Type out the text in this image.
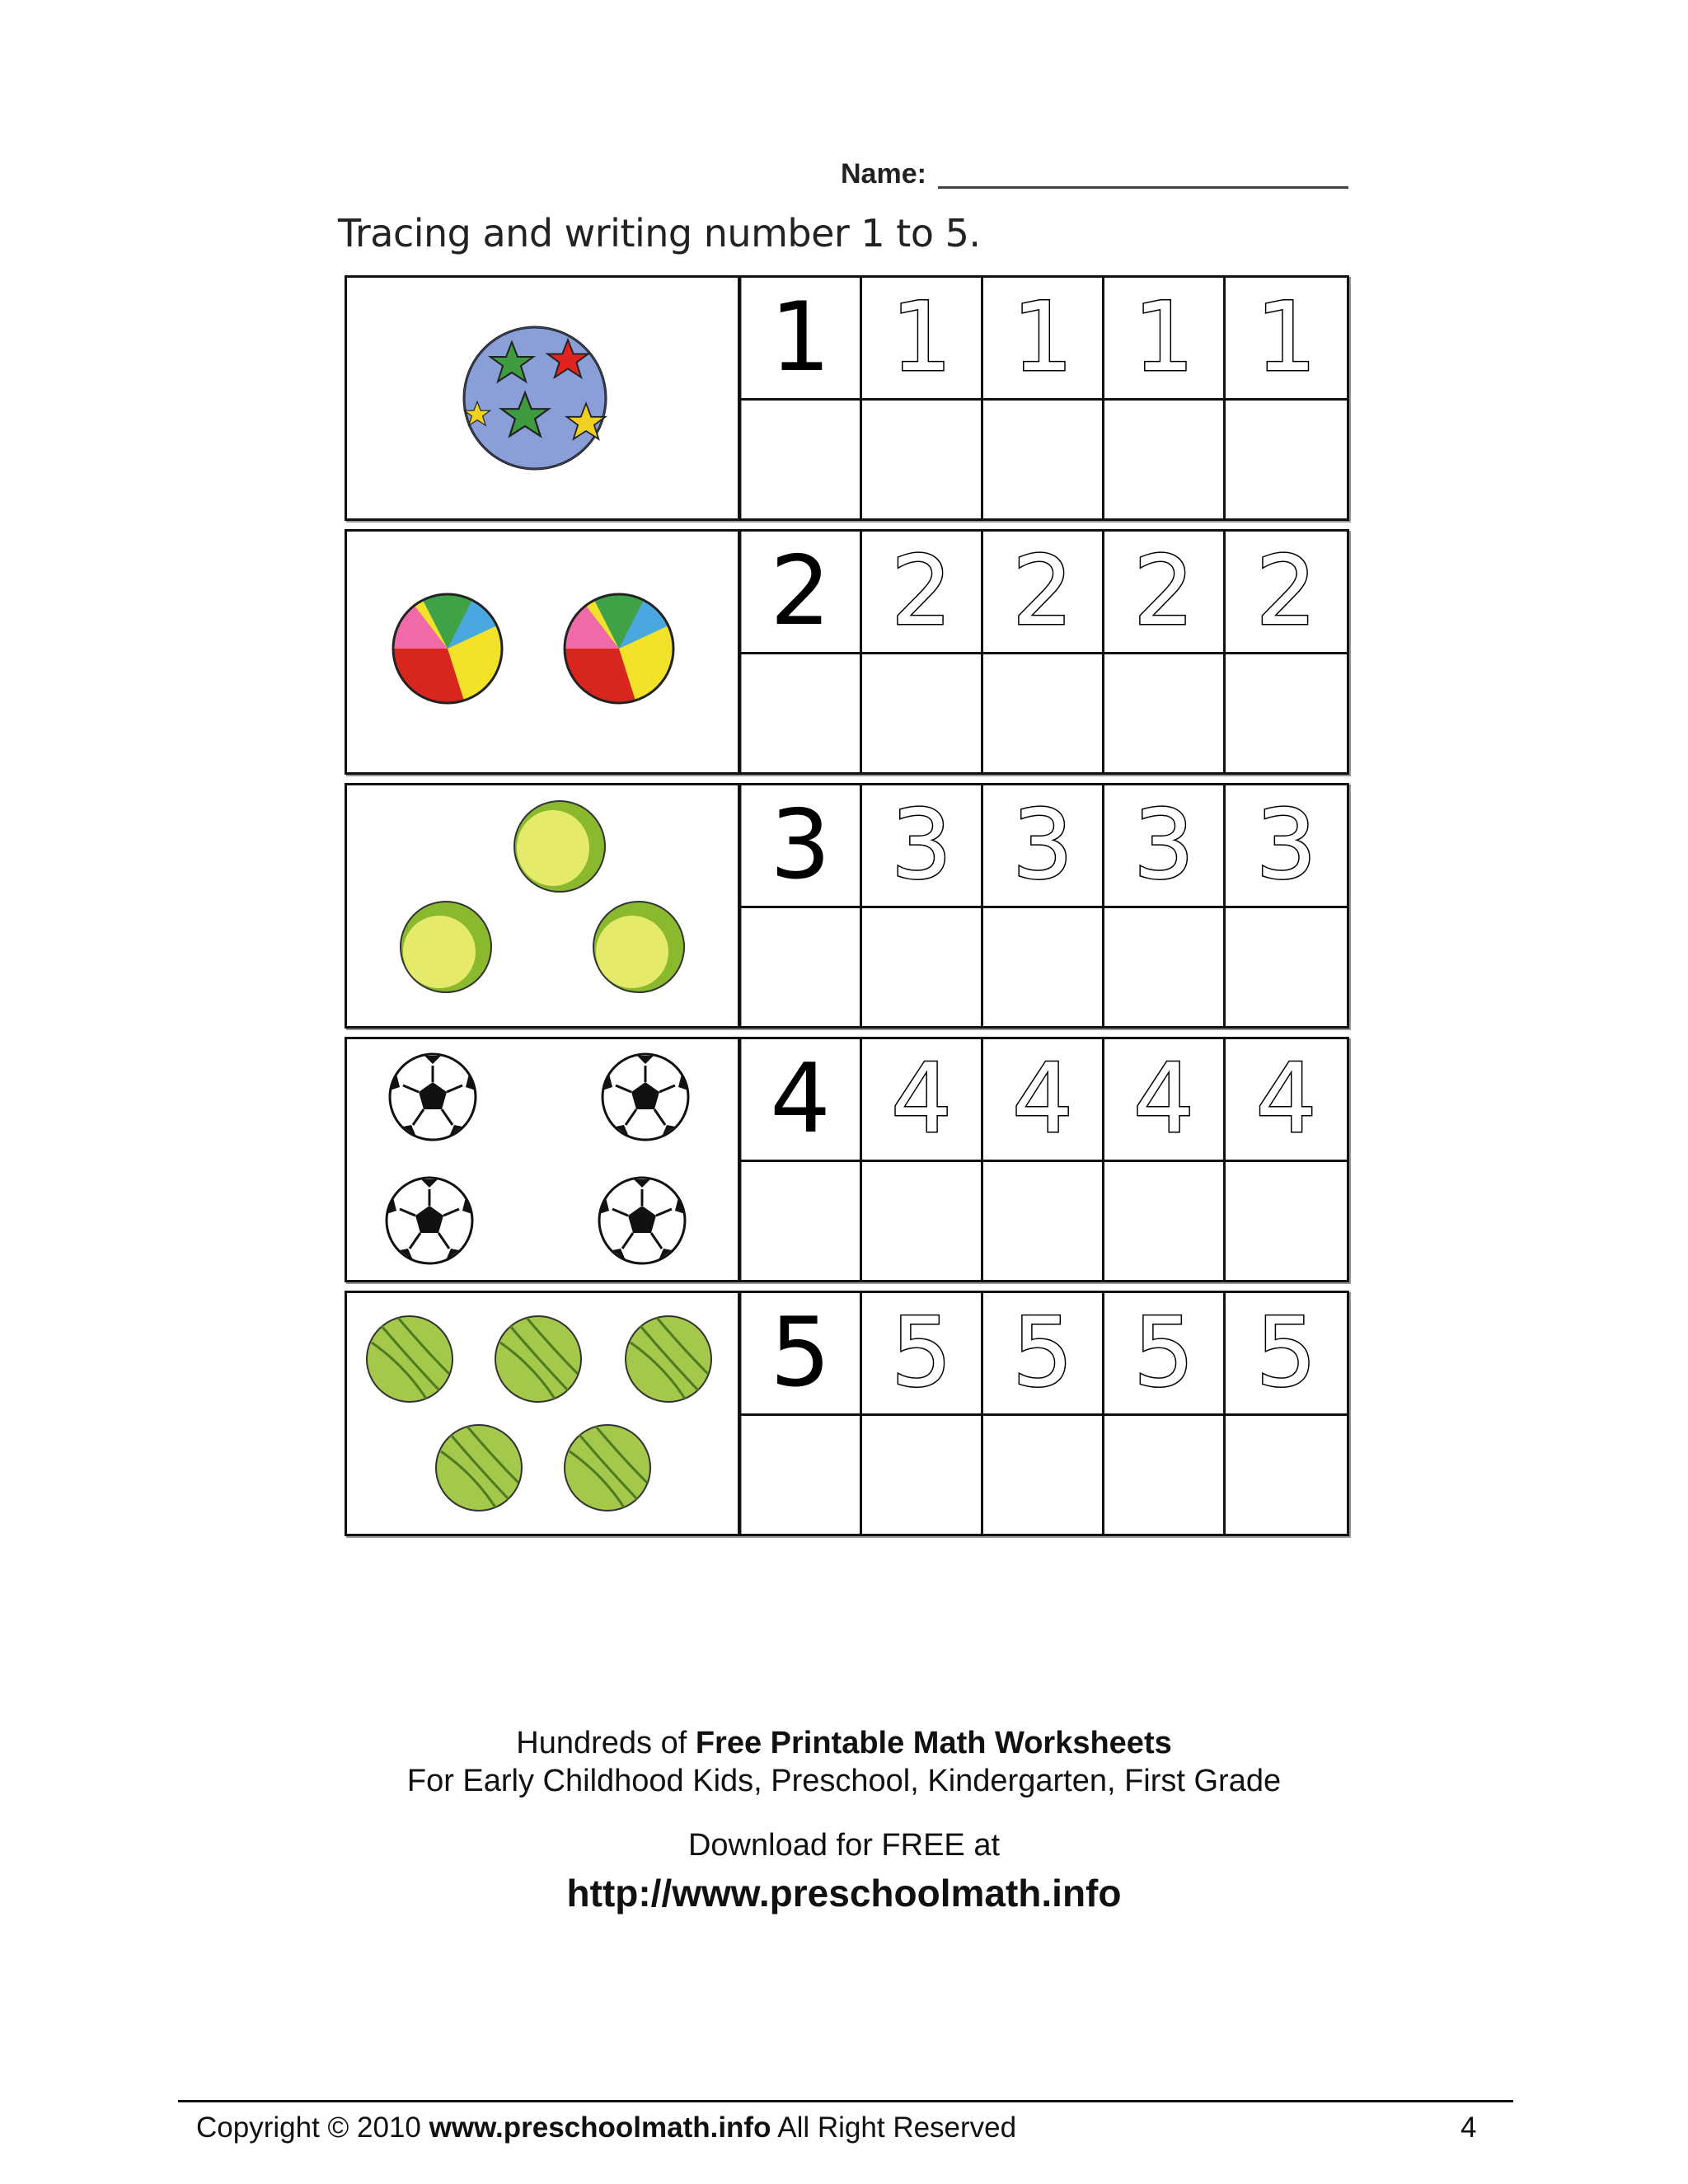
Name:
Tracing and writing number 1 to 5.
1 1 1 1 1
2 2 2 2 2
3 3 3 3 3
4 4 4 4 4
5 5 5 5 5
Hundreds of Free Printable Math Worksheets
For Early Childhood Kids, Preschool, Kindergarten, First Grade
Download for FREE at
http://www.preschoolmath.info
Copyright © 2010 www.preschoolmath.info All Right Reserved	4
